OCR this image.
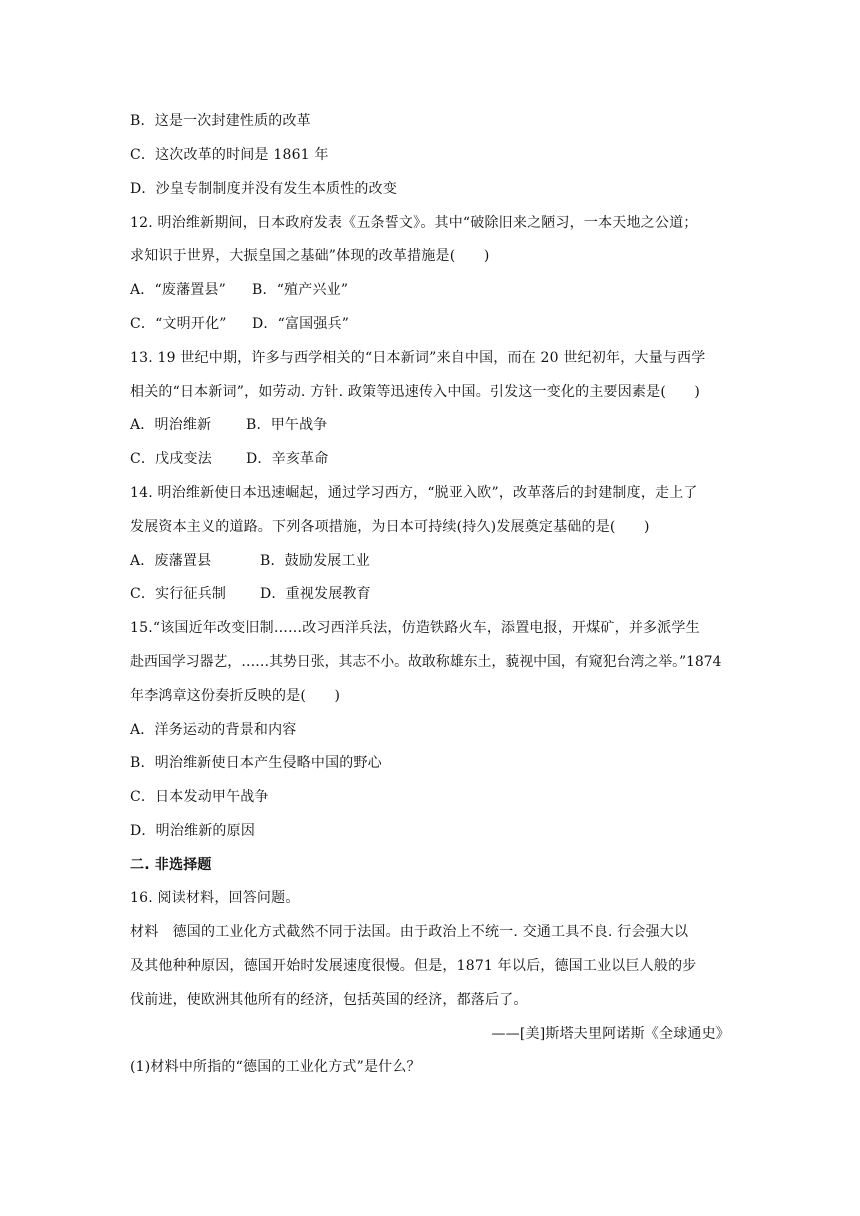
B．这是一次封建性质的改革
C．这次改革的时间是 1861 年
D．沙皇专制制度并没有发生本质性的改变
12. 明治维新期间，日本政府发表《五条誓文》。其中“破除旧来之陋习，一本天地之公道；
求知识于世界，大振皇国之基础”体现的改革措施是(　　)
A．“废藩置县” B．“殖产兴业”
C．“文明开化” D．“富国强兵”
13. 19 世纪中期，许多与西学相关的“日本新词”来自中国，而在 20 世纪初年，大量与西学
相关的“日本新词”，如劳动. 方针. 政策等迅速传入中国。引发这一变化的主要因素是(　　)
A．明治维新 B．甲午战争
C．戊戌变法 D．辛亥革命
14. 明治维新使日本迅速崛起，通过学习西方，“脱亚入欧”，改革落后的封建制度，走上了
发展资本主义的道路。下列各项措施，为日本可持续(持久)发展奠定基础的是(　　)
A．废藩置县	B．鼓励发展工业
C．实行征兵制 D．重视发展教育
15.“该国近年改变旧制……改习西洋兵法，仿造铁路火车，添置电报，开煤矿，并多派学生
赴西国学习器艺，……其势日张，其志不小。故敢称雄东土，藐视中国，有窥犯台湾之举。”1874
年李鸿章这份奏折反映的是(　　)
A．洋务运动的背景和内容
B．明治维新使日本产生侵略中国的野心
C．日本发动甲午战争
D．明治维新的原因
二. 非选择题
16. 阅读材料，回答问题。
材料　德国的工业化方式截然不同于法国。由于政治上不统一. 交通工具不良. 行会强大以
及其他种种原因，德国开始时发展速度很慢。但是，1871 年以后，德国工业以巨人般的步
伐前进，使欧洲其他所有的经济，包括英国的经济，都落后了。
——[美]斯塔夫里阿诺斯《全球通史》
(1)材料中所指的“德国的工业化方式”是什么？
